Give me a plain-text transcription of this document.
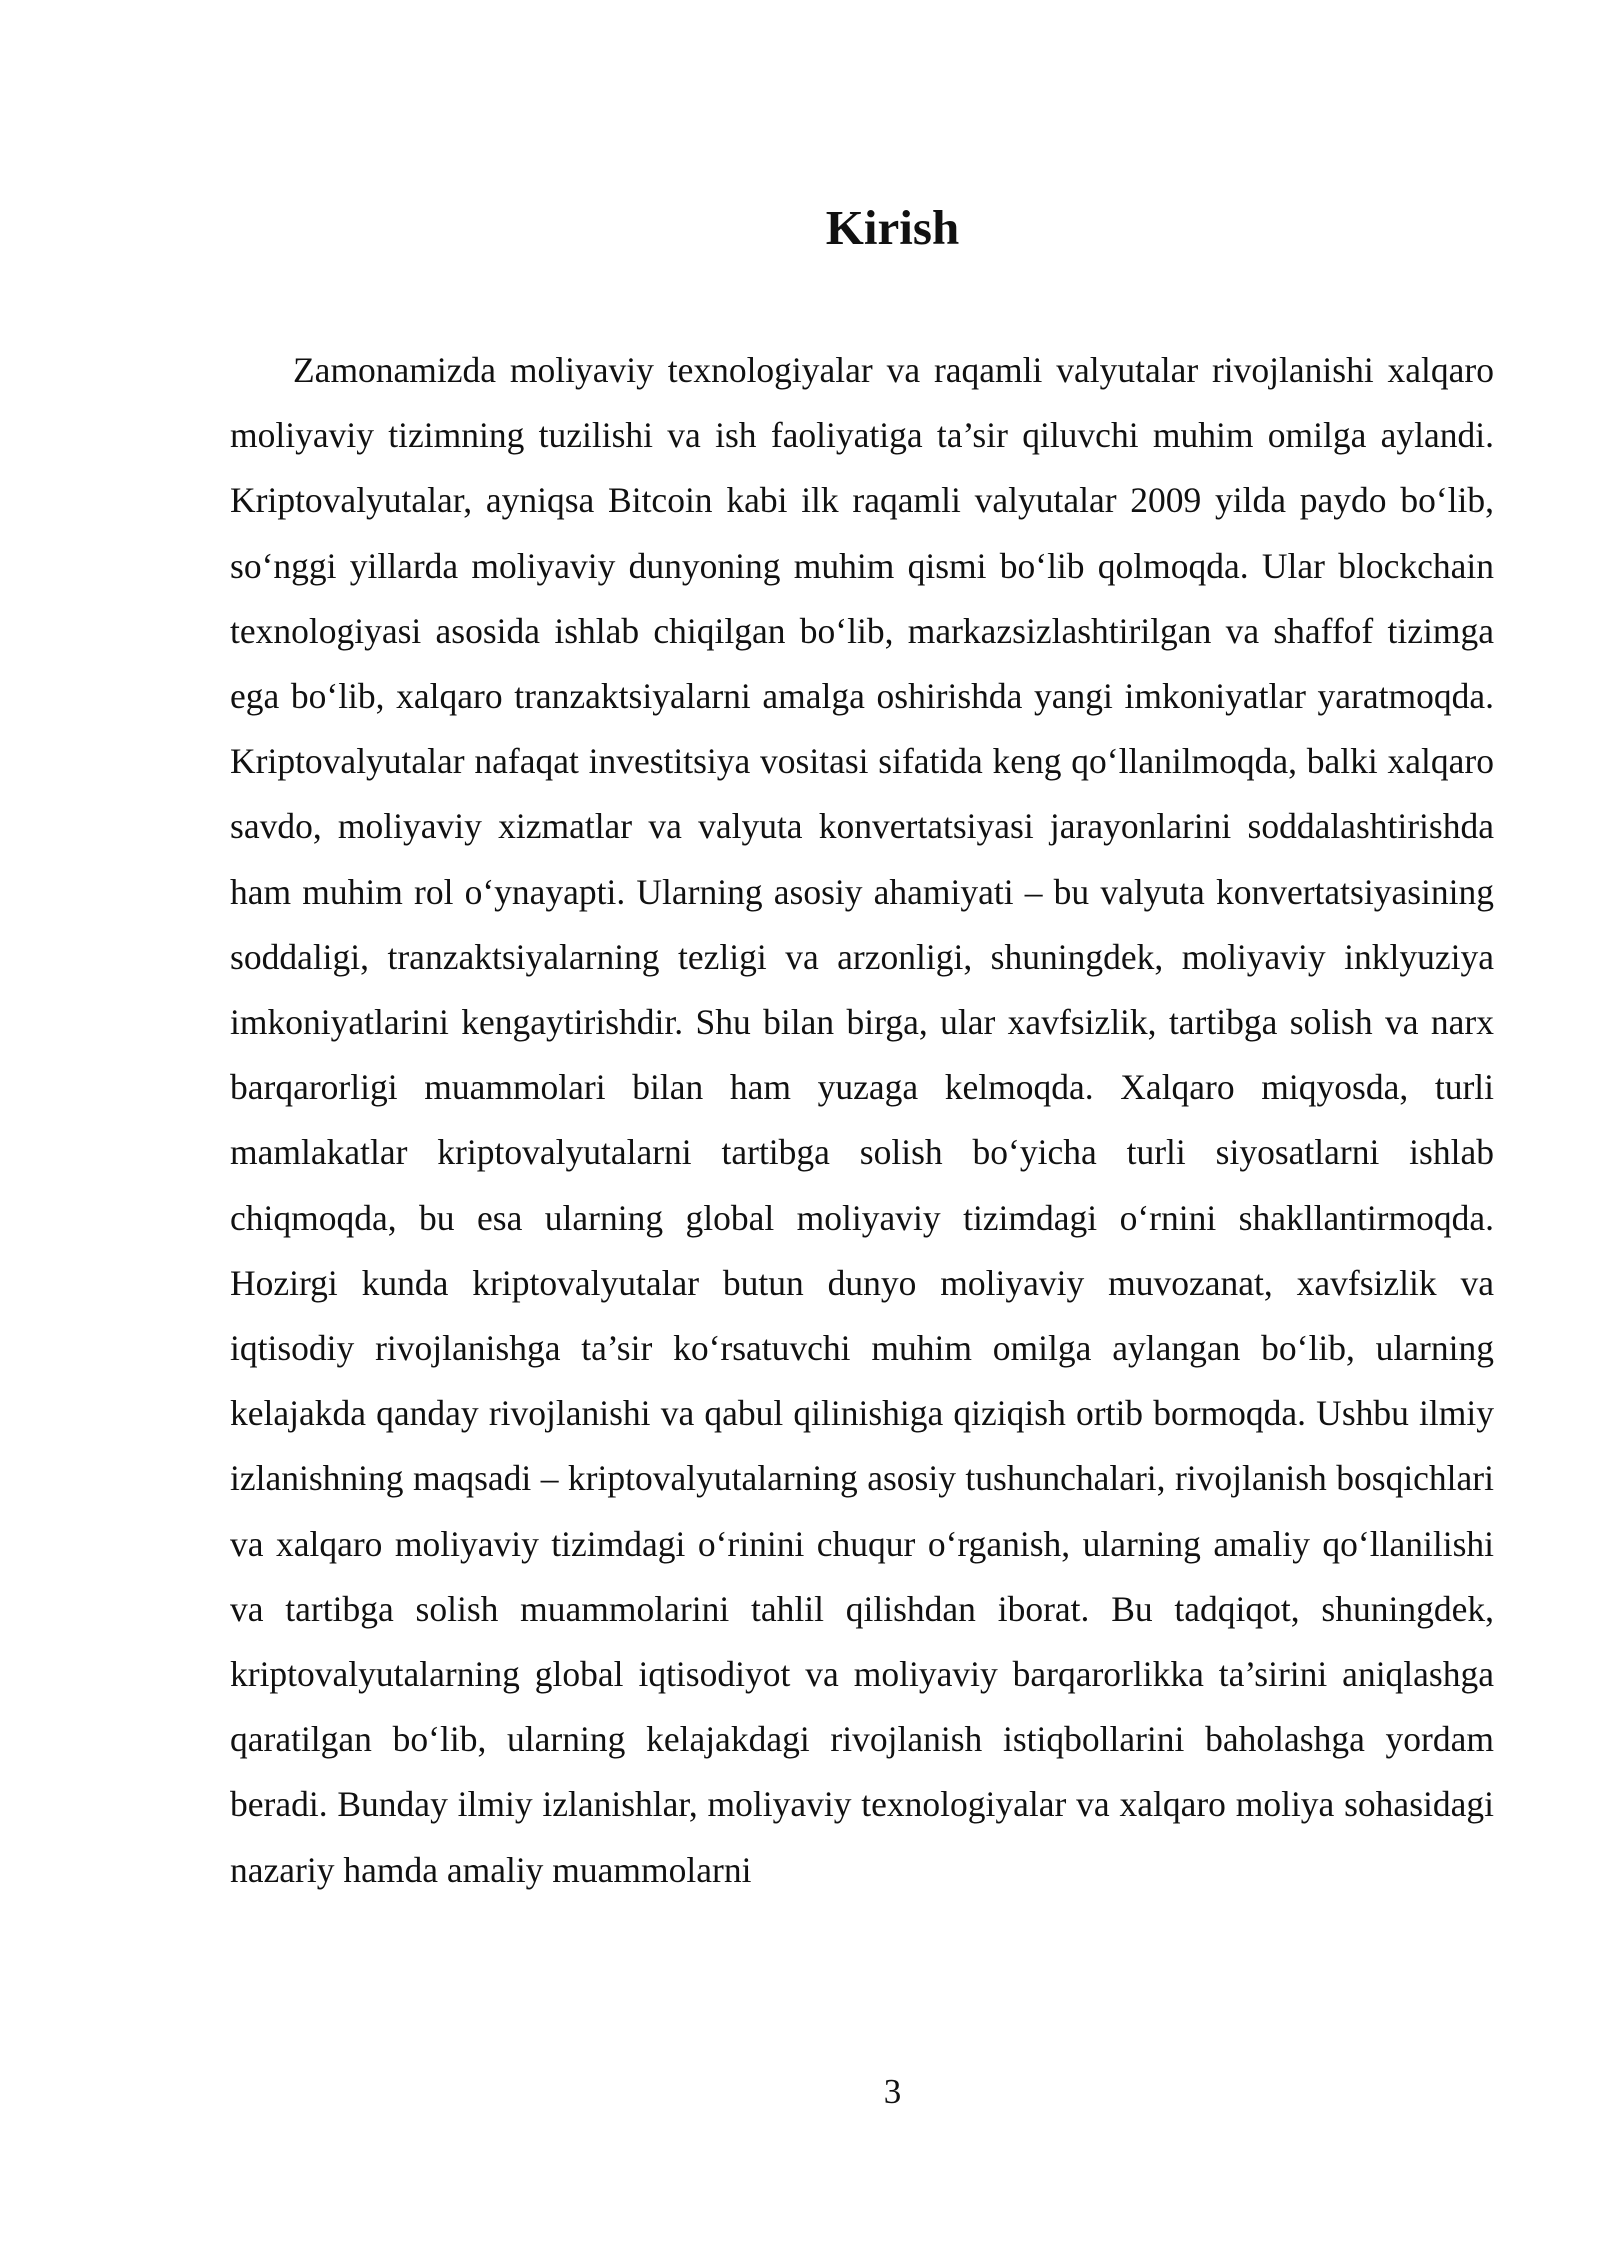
Kirish

Zamonamizda moliyaviy texnologiyalar va raqamli valyutalar rivojlanishi xalqaro moliyaviy tizimning tuzilishi va ish faoliyatiga ta’sir qiluvchi muhim omilga aylandi. Kriptovalyutalar, ayniqsa Bitcoin kabi ilk raqamli valyutalar 2009 yilda paydo bo‘lib, so‘nggi yillarda moliyaviy dunyoning muhim qismi bo‘lib qolmoqda. Ular blockchain texnologiyasi asosida ishlab chiqilgan bo‘lib, markazsizlashtirilgan va shaffof tizimga ega bo‘lib, xalqaro tranzaktsiyalarni amalga oshirishda yangi imkoniyatlar yaratmoqda. Kriptovalyutalar nafaqat investitsiya vositasi sifatida keng qo‘llanilmoqda, balki xalqaro savdo, moliyaviy xizmatlar va valyuta konvertatsiyasi jarayonlarini soddalashtirishda ham muhim rol o‘ynayapti. Ularning asosiy ahamiyati – bu valyuta konvertatsiyasining soddaligi, tranzaktsiyalarning tezligi va arzonligi, shuningdek, moliyaviy inklyuziya imkoniyatlarini kengaytirishdir. Shu bilan birga, ular xavfsizlik, tartibga solish va narx barqarorligi muammolari bilan ham yuzaga kelmoqda. Xalqaro miqyosda, turli mamlakatlar kriptovalyutalarni tartibga solish bo‘yicha turli siyosatlarni ishlab chiqmoqda, bu esa ularning global moliyaviy tizimdagi o‘rnini shakllantirmoqda. Hozirgi kunda kriptovalyutalar butun dunyo moliyaviy muvozanat, xavfsizlik va iqtisodiy rivojlanishga ta’sir ko‘rsatuvchi muhim omilga aylangan bo‘lib, ularning kelajakda qanday rivojlanishi va qabul qilinishiga qiziqish ortib bormoqda. Ushbu ilmiy izlanishning maqsadi – kriptovalyutalarning asosiy tushunchalari, rivojlanish bosqichlari va xalqaro moliyaviy tizimdagi o‘rinini chuqur o‘rganish, ularning amaliy qo‘llanilishi va tartibga solish muammolarini tahlil qilishdan iborat. Bu tadqiqot, shuningdek, kriptovalyutalarning global iqtisodiyot va moliyaviy barqarorlikka ta’sirini aniqlashga qaratilgan bo‘lib, ularning kelajakdagi rivojlanish istiqbollarini baholashga yordam beradi. Bunday ilmiy izlanishlar, moliyaviy texnologiyalar va xalqaro moliya sohasidagi nazariy hamda amaliy muammolarni

3
